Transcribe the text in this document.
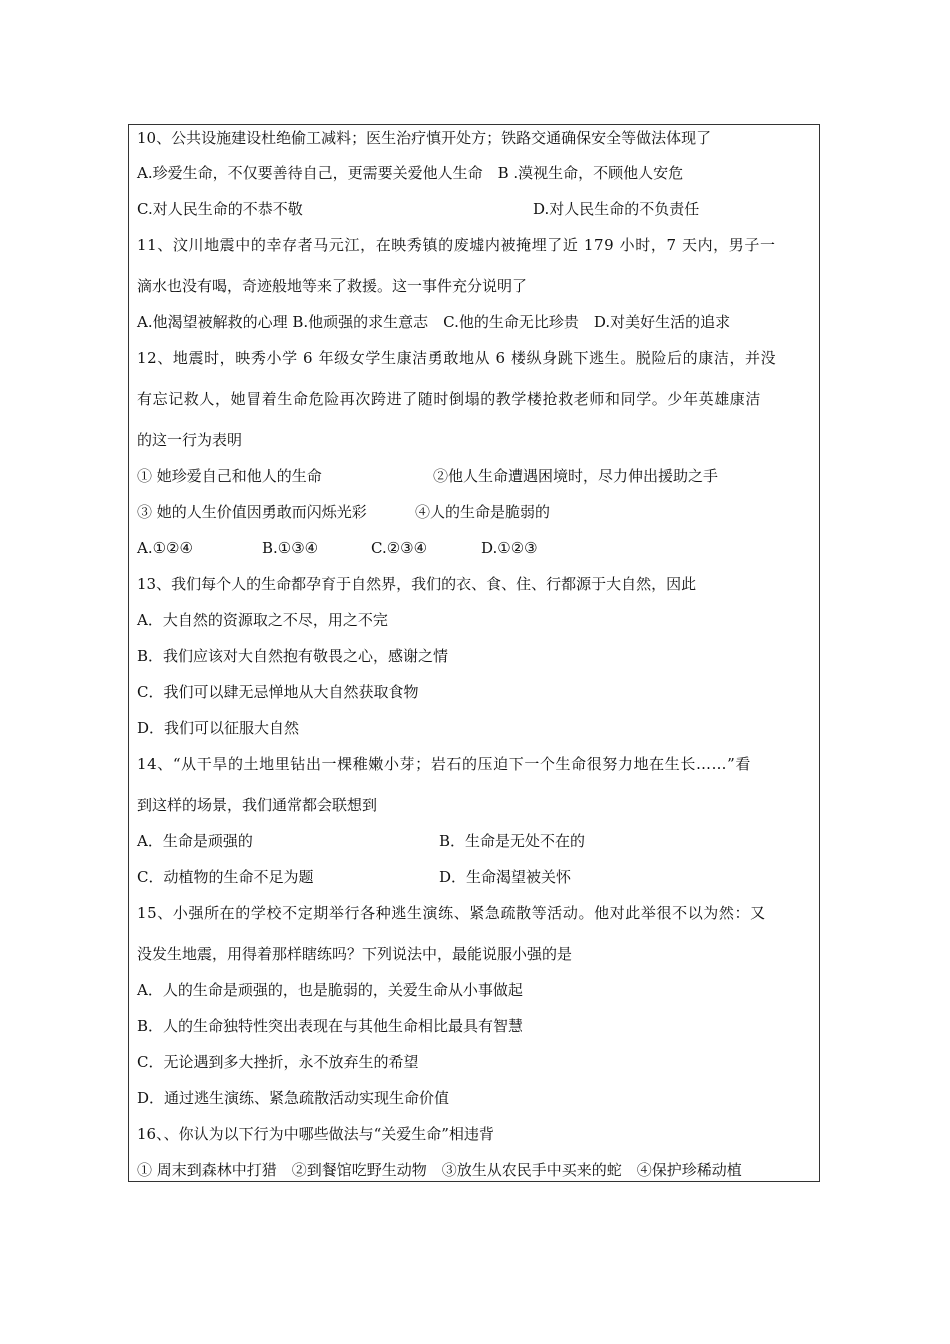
10、公共设施建设杜绝偷工减料；医生治疗慎开处方；铁路交通确保安全等做法体现了
A.珍爱生命，不仅要善待自己，更需要关爱他人生命　B .漠视生命，不顾他人安危
C.对人民生命的不恭不敬	D.对人民生命的不负责任
11、汶川地震中的幸存者马元江，在映秀镇的废墟内被掩埋了近 179 小时，7 天内，男子一
滴水也没有喝，奇迹般地等来了救援。这一事件充分说明了
A.他渴望被解救的心理 B.他顽强的求生意志　C.他的生命无比珍贵　D.对美好生活的追求
12、地震时，映秀小学 6 年级女学生康洁勇敢地从 6 楼纵身跳下逃生。脱险后的康洁，并没
有忘记救人，她冒着生命危险再次跨进了随时倒塌的教学楼抢救老师和同学。少年英雄康洁
的这一行为表明
① 她珍爱自己和他人的生命	②他人生命遭遇困境时，尽力伸出援助之手
③ 她的人生价值因勇敢而闪烁光彩	④人的生命是脆弱的
A.①②④	B.①③④	C.②③④	D.①②③
13、我们每个人的生命都孕育于自然界，我们的衣、食、住、行都源于大自然，因此
A．大自然的资源取之不尽，用之不完
B．我们应该对大自然抱有敬畏之心，感谢之情
C．我们可以肆无忌惮地从大自然获取食物
D．我们可以征服大自然
14、“从干旱的土地里钻出一棵稚嫩小芽；岩石的压迫下一个生命很努力地在生长……”看
到这样的场景，我们通常都会联想到
A．生命是顽强的	B．生命是无处不在的
C．动植物的生命不足为题	D．生命渴望被关怀
15、小强所在的学校不定期举行各种逃生演练、紧急疏散等活动。他对此举很不以为然：又
没发生地震，用得着那样瞎练吗？下列说法中，最能说服小强的是
A．人的生命是顽强的，也是脆弱的，关爱生命从小事做起
B．人的生命独特性突出表现在与其他生命相比最具有智慧
C．无论遇到多大挫折，永不放弃生的希望
D．通过逃生演练、紧急疏散活动实现生命价值
16、、你认为以下行为中哪些做法与“关爱生命”相违背
① 周末到森林中打猎　②到餐馆吃野生动物　③放生从农民手中买来的蛇　④保护珍稀动植
